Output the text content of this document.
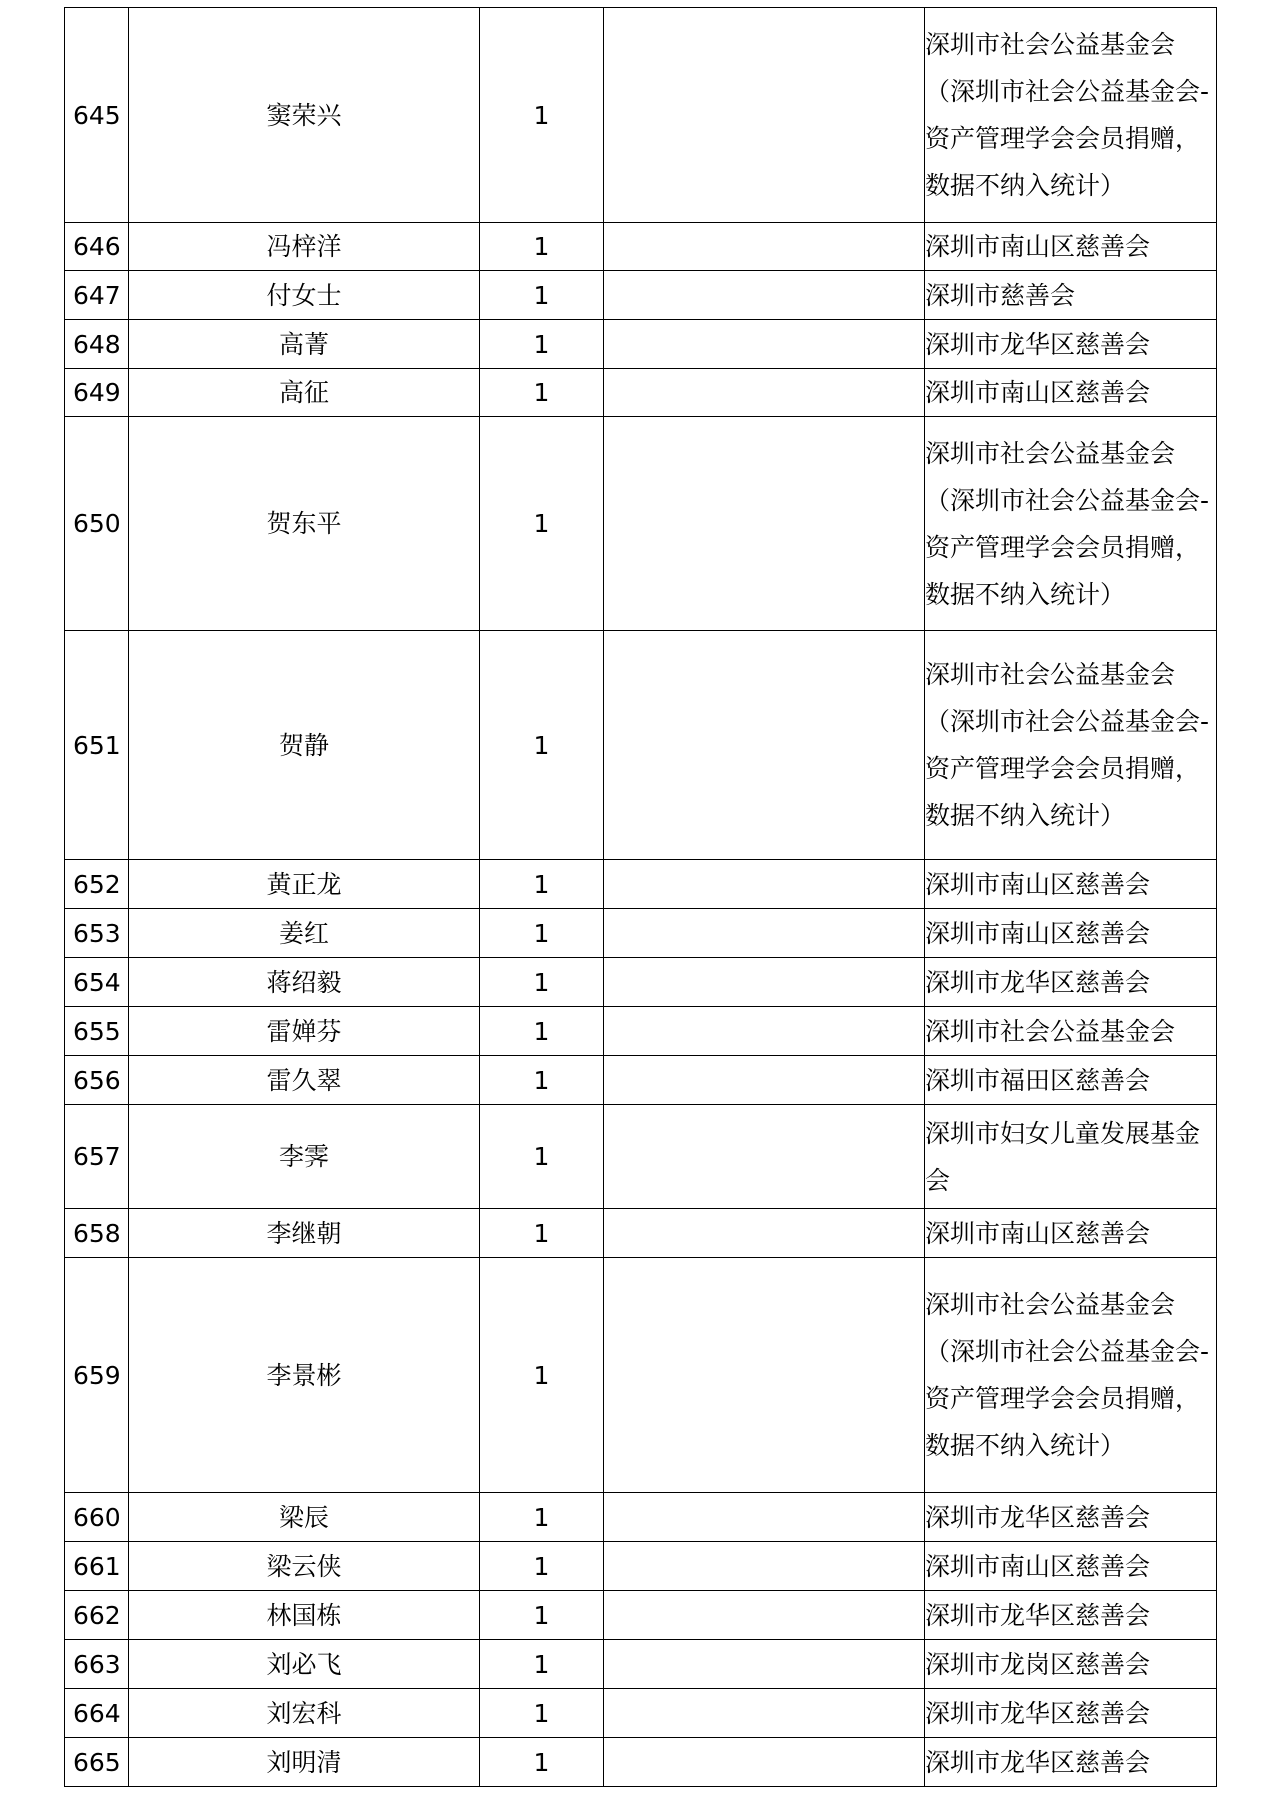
645	窦荣兴	1		深圳市社会公益基金会（深圳市社会公益基金会-资产管理学会会员捐赠，数据不纳入统计）

646	冯梓洋	1		深圳市南山区慈善会

647	付女士	1		深圳市慈善会

648	高菁	1		深圳市龙华区慈善会

649	高征	1		深圳市南山区慈善会

650	贺东平	1		深圳市社会公益基金会（深圳市社会公益基金会-资产管理学会会员捐赠，数据不纳入统计）

651	贺静	1		深圳市社会公益基金会（深圳市社会公益基金会-资产管理学会会员捐赠，数据不纳入统计）

652	黄正龙	1		深圳市南山区慈善会

653	姜红	1		深圳市南山区慈善会

654	蒋绍毅	1		深圳市龙华区慈善会

655	雷婵芬	1		深圳市社会公益基金会

656	雷久翠	1		深圳市福田区慈善会

657	李霁	1		深圳市妇女儿童发展基金会

658	李继朝	1		深圳市南山区慈善会

659	李景彬	1		深圳市社会公益基金会（深圳市社会公益基金会-资产管理学会会员捐赠，数据不纳入统计）

660	梁辰	1		深圳市龙华区慈善会

661	梁云侠	1		深圳市南山区慈善会

662	林国栋	1		深圳市龙华区慈善会

663	刘必飞	1		深圳市龙岗区慈善会

664	刘宏科	1		深圳市龙华区慈善会

665	刘明清	1		深圳市龙华区慈善会
